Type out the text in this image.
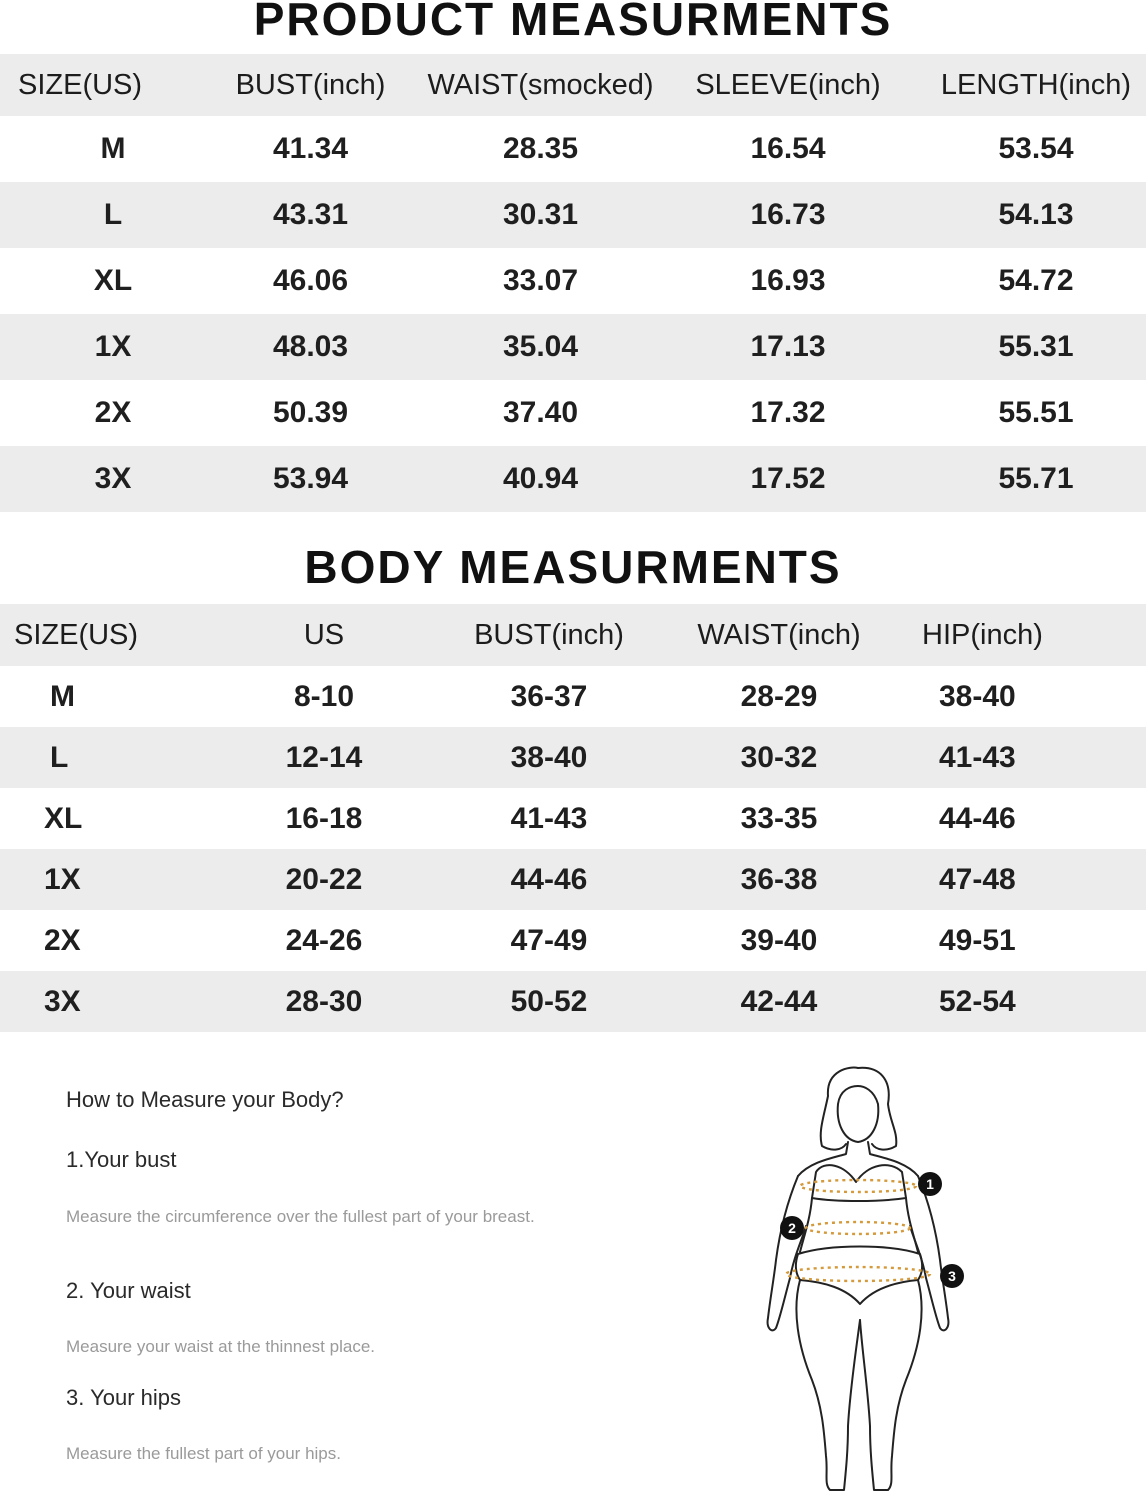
PRODUCT MEASURMENTS
SIZE(US)	BUST(inch)	WAIST(smocked)	SLEEVE(inch)	LENGTH(inch)
M	41.34	28.35	16.54	53.54
L	43.31	30.31	16.73	54.13
XL	46.06	33.07	16.93	54.72
1X	48.03	35.04	17.13	55.31
2X	50.39	37.40	17.32	55.51
3X	53.94	40.94	17.52	55.71
BODY MEASURMENTS
SIZE(US)	US	BUST(inch)	WAIST(inch)	HIP(inch)
M	8-10	36-37	28-29	38-40
L	12-14	38-40	30-32	41-43
XL	16-18	41-43	33-35	44-46
1X	20-22	44-46	36-38	47-48
2X	24-26	47-49	39-40	49-51
3X	28-30	50-52	42-44	52-54
How to Measure your Body?
1.Your bust
Measure the circumference over the fullest part of your breast.
2. Your waist
Measure your waist at the thinnest place.
3. Your hips
Measure the fullest part of your hips.
1
2
3
